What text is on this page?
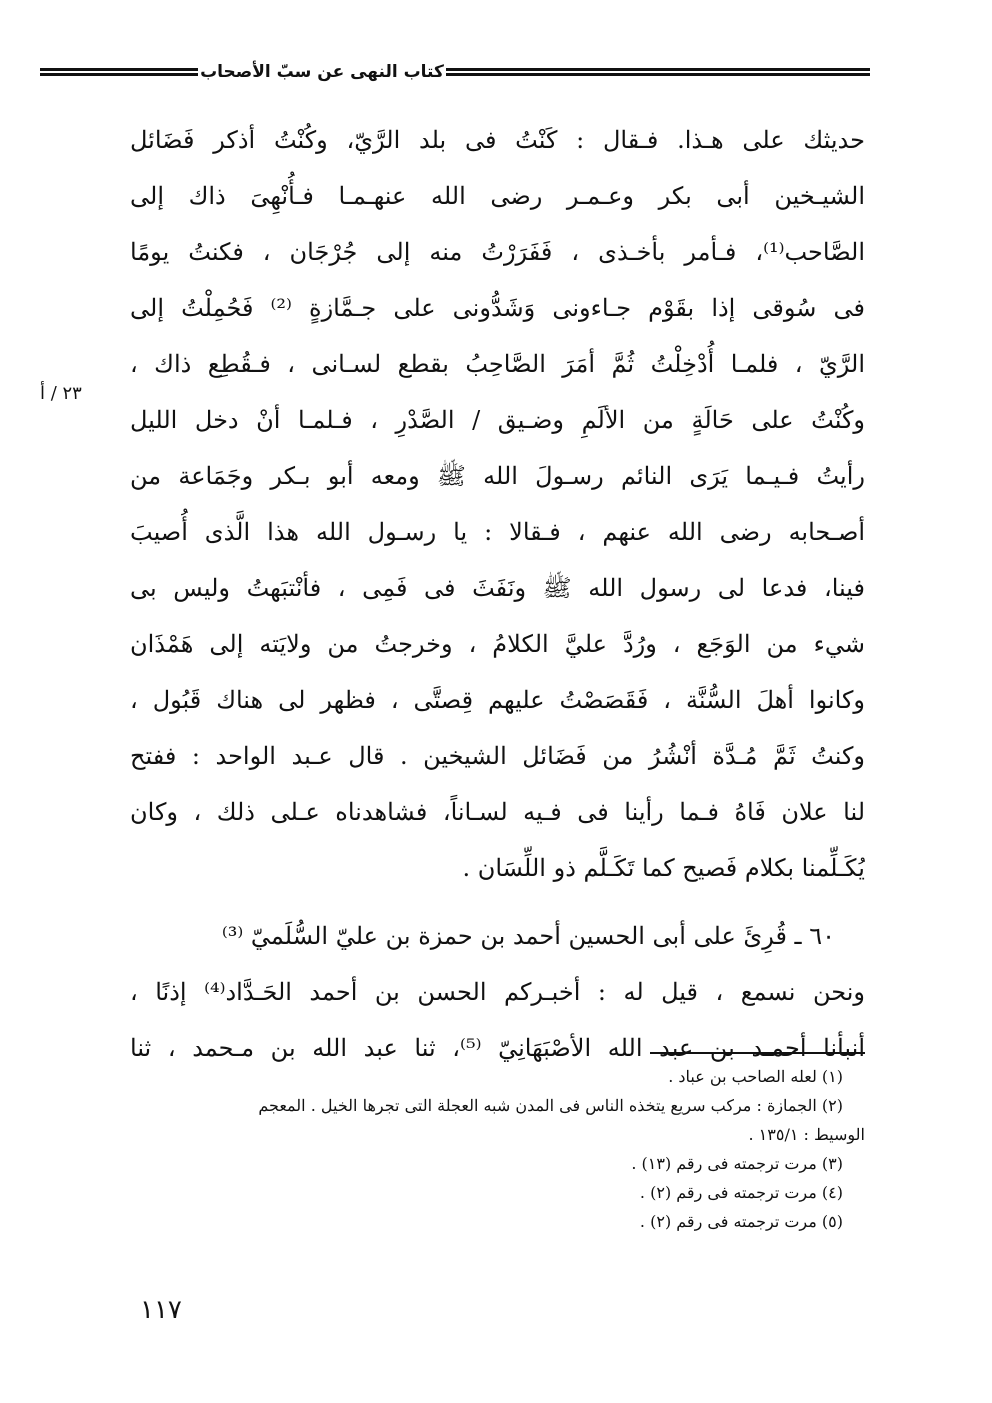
كتاب النهى عن سبّ الأصحاب
٢٣ / أ
حديثك على هـذا. فـقال : كَنْتُ فى بلد الرَّيّ، وكُنْتُ أذكر فَضَائل
الشيـخين أبى بكر وعـمـر رضى الله عنهـمـا فـأُنْهِىَ ذاك إلى
الصَّاحب⁽¹⁾، فـأمر بأخـذى ، فَفَرَرْتُ منه إلى جُرْجَان ، فكنتُ يومًا
فى سُوقى إذا بقَوْم جـاءونى وَشَدُّونى على جـمَّازةٍ ⁽²⁾ فَحُمِلْتُ إلى
الرَّيّ ، فلمـا أُدْخِلْتُ ثُمَّ أمَرَ الصَّاحِبُ بقطع لسـانى ، فـقُطِع ذاك ،
وكُنْتُ على حَالَةٍ من الألَمِ وضـيق / الصَّدْرِ ، فـلمـا أنْ دخل الليل
رأيتُ فـيـما يَرَى النائم رسـولَ الله ﷺ ومعه أبو بـكر وجَمَاعة من
أصـحابه رضى الله عنهم ، فـقالا : يا رسـول الله هذا الَّذى أُصيبَ
فينا، فدعا لى رسول الله ﷺ ونَفَثَ فى فَمِى ، فأنْتبَهتُ وليس بى
شيء من الوَجَع ، ورُدَّ عليَّ الكلامُ ، وخرجتُ من ولايَته إلى هَمْذَان
وكانوا أهلَ السُّنَّة ، فَقَصَصْتُ عليهم قِصتَّى ، فظهر لى هناك قَبُول ،
وكنتُ ثَمَّ مُـدَّة أنْشُرُ من فَضَائل الشيخين . قال عـبد الواحد : ففتح
لنا علان فَاهُ فـما رأينا فى فـيه لسـاناً، فشاهدناه عـلى ذلك ، وكان
يُكَـلِّمنا بكلام فَصيح كما تَكَـلَّم ذو اللِّسَان .
٦٠ ـ قُرِئَ على أبى الحسين أحمد بن حمزة بن عليّ السُّلَميّ ⁽³⁾
ونحن نسمع ، قيل له : أخبـركم الحسن بن أحمد الحَـدَّاد⁽⁴⁾ إذنًا ،
أنبأنا أحمـد بن عبد الله الأصْبَهَانِيّ ⁽⁵⁾، ثنا عبد الله بن مـحمد ، ثنا
(١) لعله الصاحب بن عباد .
(٢) الجمازة : مركب سريع يتخذه الناس فى المدن شبه العجلة التى تجرها الخيل . المعجم
الوسيط : ١٣٥/١ .
(٣) مرت ترجمته فى رقم (١٣) .
(٤) مرت ترجمته فى رقم (٢) .
(٥) مرت ترجمته فى رقم (٢) .
١١٧
